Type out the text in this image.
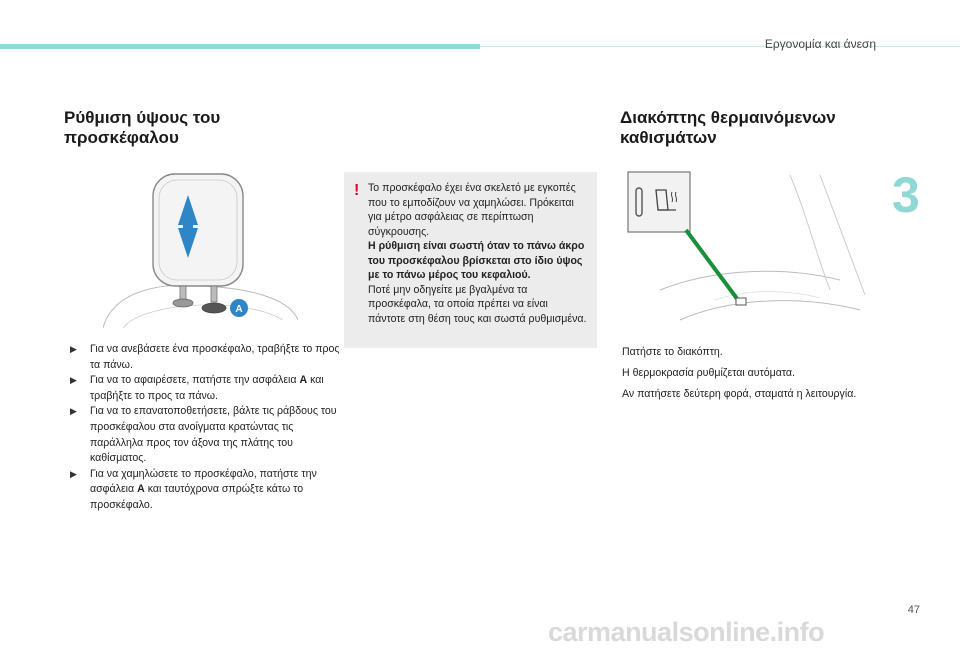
Εργονομία και άνεση
3
Ρύθμιση ύψους του
προσκέφαλου
A
▶ Για να ανεβάσετε ένα προσκέφαλο, τραβήξτε το προς τα πάνω.
▶ Για να το αφαιρέσετε, πατήστε την ασφάλεια A και τραβήξτε το προς τα πάνω.
▶ Για να το επανατοποθετήσετε, βάλτε τις ράβδους του προσκέφαλου στα ανοίγματα κρατώντας τις παράλληλα προς τον άξονα της πλάτης του καθίσματος.
▶ Για να χαμηλώσετε το προσκέφαλο, πατήστε την ασφάλεια A και ταυτόχρονα σπρώξτε κάτω το προσκέφαλο.
! Το προσκέφαλο έχει ένα σκελετό με εγκοπές που το εμποδίζουν να χαμηλώσει. Πρόκειται για μέτρο ασφάλειας σε περίπτωση σύγκρουσης.

Η ρύθμιση είναι σωστή όταν το πάνω άκρο του προσκέφαλου βρίσκεται στο ίδιο ύψος με το πάνω μέρος του κεφαλιού.

Ποτέ μην οδηγείτε με βγαλμένα τα προσκέφαλα, τα οποία πρέπει να είναι πάντοτε στη θέση τους και σωστά ρυθμισμένα.

Διακόπτης θερμαινόμενων
καθισμάτων

Πατήστε το διακόπτη.

Η θερμοκρασία ρυθμίζεται αυτόματα.

Αν πατήσετε δεύτερη φορά, σταματά η λειτουργία.

47
carmanualsonline.info
